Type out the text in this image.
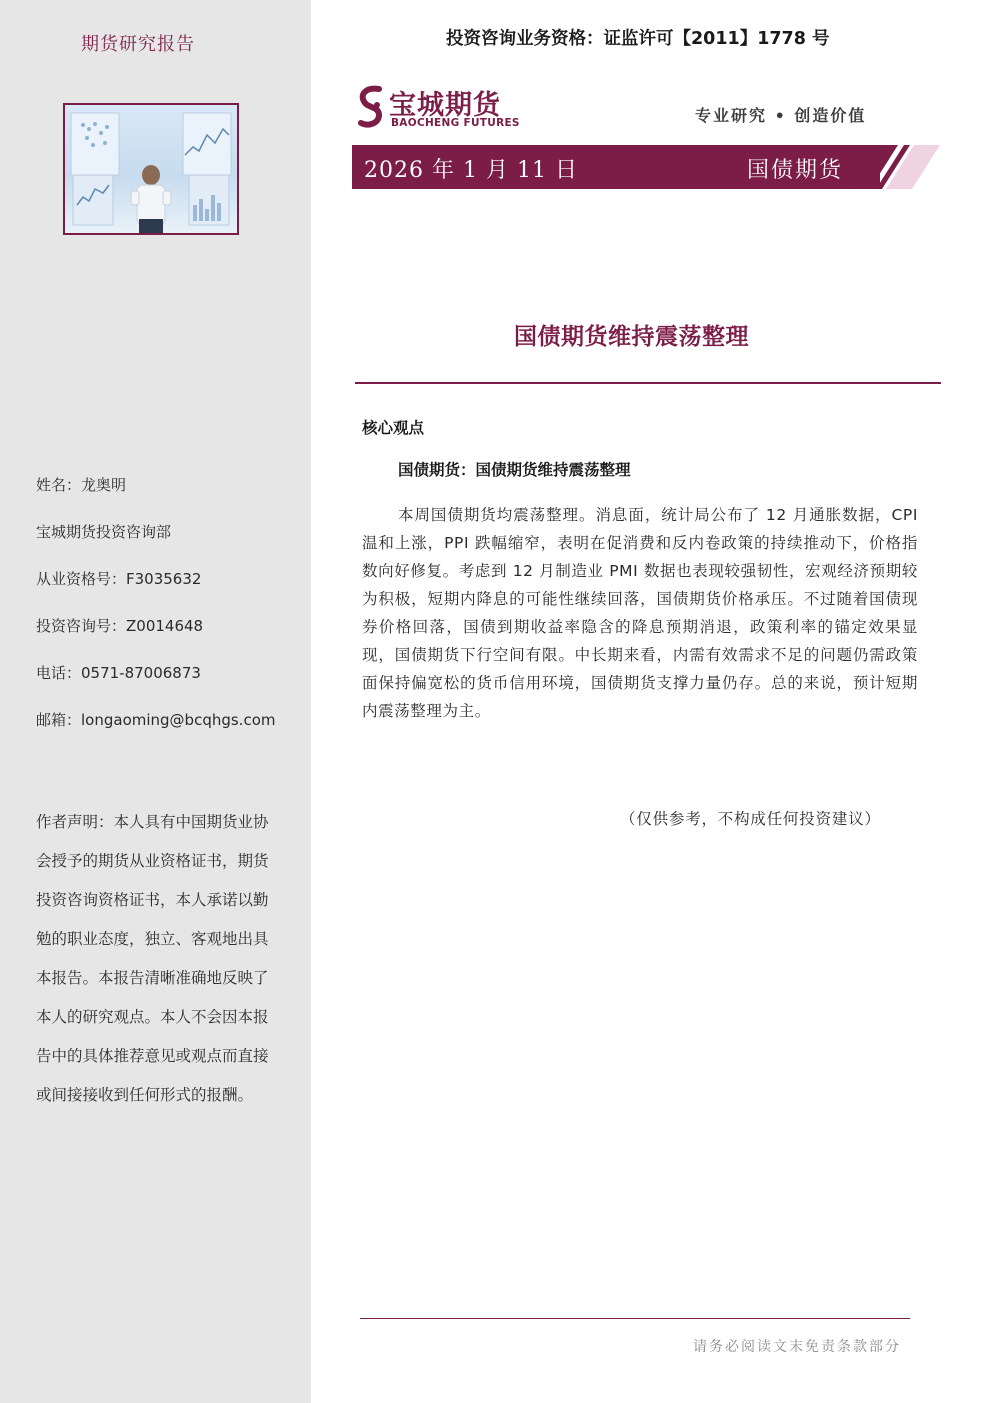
期货研究报告
姓名：龙奥明
宝城期货投资咨询部
从业资格号：F3035632
投资咨询号：Z0014648
电话：0571-87006873
邮箱：longaoming@bcqhgs.com
作者声明：本人具有中国期货业协会授予的期货从业资格证书，期货投资咨询资格证书，本人承诺以勤勉的职业态度，独立、客观地出具本报告。本报告清晰准确地反映了本人的研究观点。本人不会因本报告中的具体推荐意见或观点而直接或间接接收到任何形式的报酬。
投资咨询业务资格：证监许可【2011】1778 号
宝城期货
BAOCHENG FUTURES	专业研究 • 创造价值
2026 年 1 月 11 日	国债期货
国债期货维持震荡整理
核心观点
国债期货：国债期货维持震荡整理
本周国债期货均震荡整理。消息面，统计局公布了 12 月通胀数据，CPI 温和上涨，PPI 跌幅缩窄，表明在促消费和反内卷政策的持续推动下，价格指数向好修复。考虑到 12 月制造业 PMI 数据也表现较强韧性，宏观经济预期较为积极，短期内降息的可能性继续回落，国债期货价格承压。不过随着国债现券价格回落，国债到期收益率隐含的降息预期消退，政策利率的锚定效果显现，国债期货下行空间有限。中长期来看，内需有效需求不足的问题仍需政策面保持偏宽松的货币信用环境，国债期货支撑力量仍存。总的来说，预计短期内震荡整理为主。
（仅供参考，不构成任何投资建议）
请务必阅读文末免责条款部分
